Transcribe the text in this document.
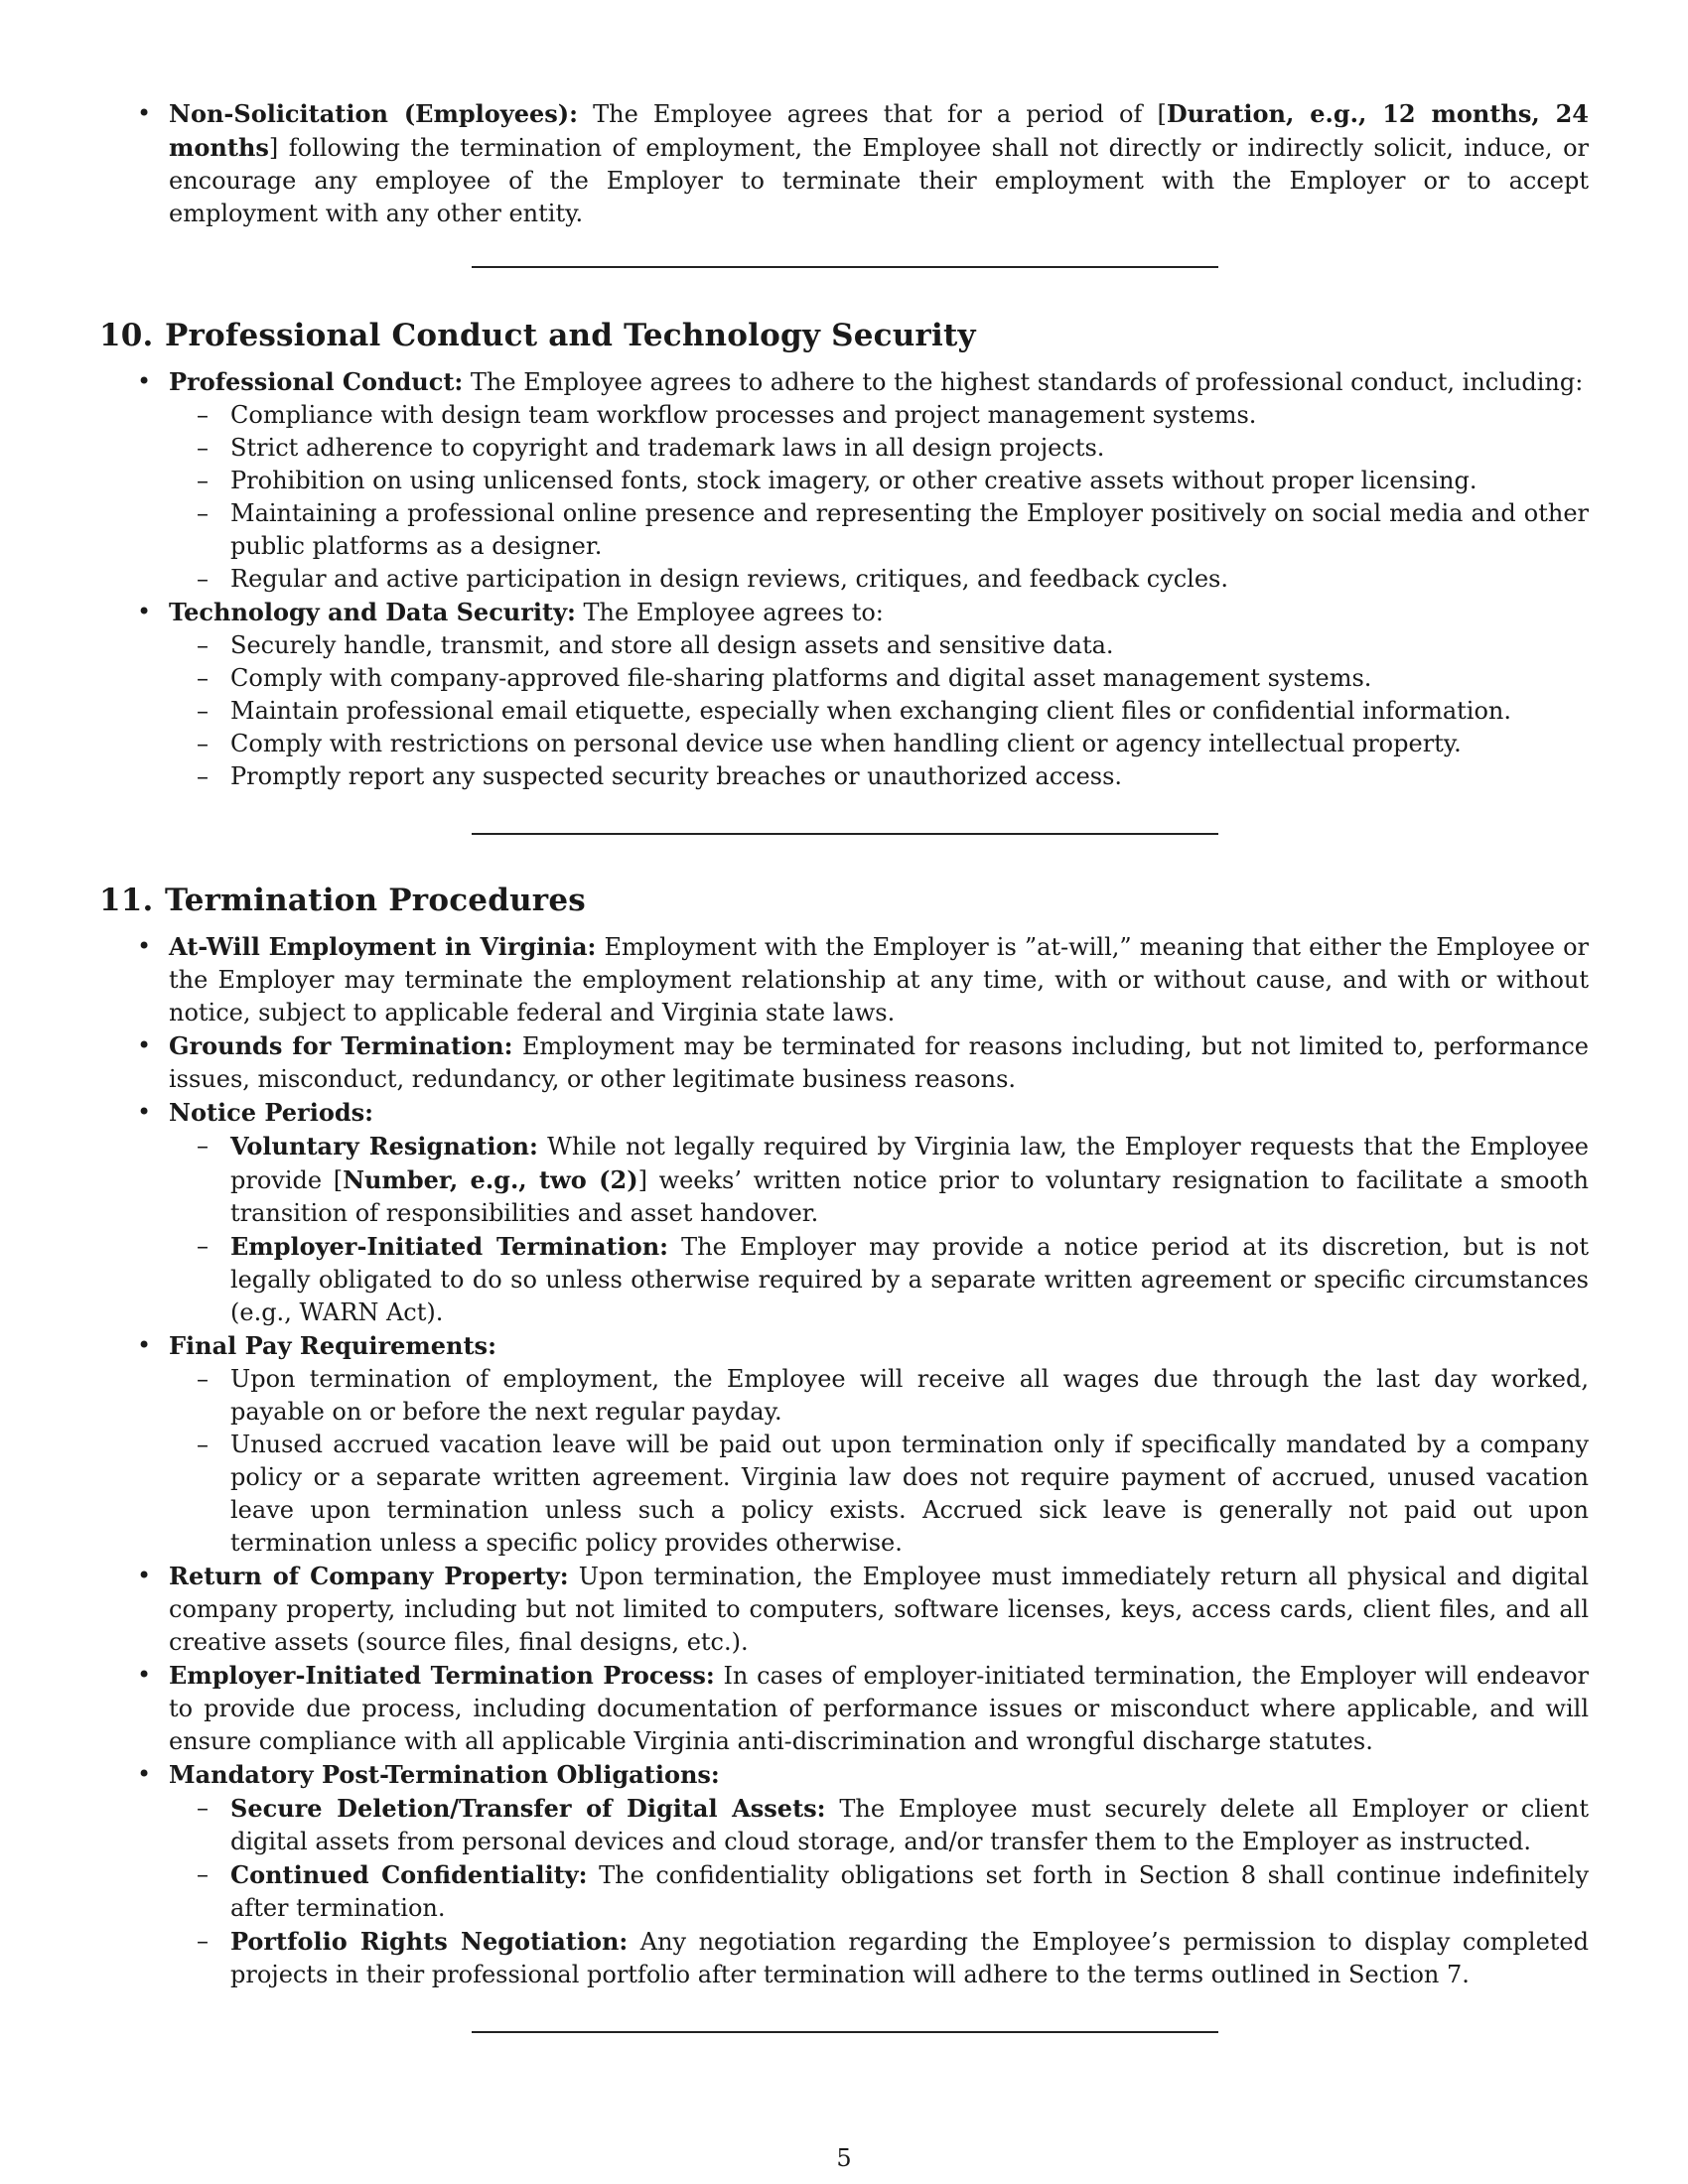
• Non-Solicitation (Employees): The Employee agrees that for a period of [Duration, e.g., 12 months, 24 months] following the termination of employment, the Employee shall not directly or indirectly solicit, induce, or encourage any employee of the Employer to terminate their employment with the Employer or to accept employment with any other entity.
10. Professional Conduct and Technology Security
• Professional Conduct: The Employee agrees to adhere to the highest standards of professional conduct, including:
– Compliance with design team workflow processes and project management systems.
– Strict adherence to copyright and trademark laws in all design projects.
– Prohibition on using unlicensed fonts, stock imagery, or other creative assets without proper licensing.
– Maintaining a professional online presence and representing the Employer positively on social media and other public platforms as a designer.
– Regular and active participation in design reviews, critiques, and feedback cycles.
• Technology and Data Security: The Employee agrees to:
– Securely handle, transmit, and store all design assets and sensitive data.
– Comply with company-approved file-sharing platforms and digital asset management systems.
– Maintain professional email etiquette, especially when exchanging client files or confidential information.
– Comply with restrictions on personal device use when handling client or agency intellectual property.
– Promptly report any suspected security breaches or unauthorized access.
11. Termination Procedures
• At-Will Employment in Virginia: Employment with the Employer is ”at-will,” meaning that either the Employee or the Employer may terminate the employment relationship at any time, with or without cause, and with or without notice, subject to applicable federal and Virginia state laws.
• Grounds for Termination: Employment may be terminated for reasons including, but not limited to, performance issues, misconduct, redundancy, or other legitimate business reasons.
• Notice Periods:
– Voluntary Resignation: While not legally required by Virginia law, the Employer requests that the Employee provide [Number, e.g., two (2)] weeks’ written notice prior to voluntary resignation to facilitate a smooth transition of responsibilities and asset handover.
– Employer-Initiated Termination: The Employer may provide a notice period at its discretion, but is not legally obligated to do so unless otherwise required by a separate written agreement or specific circumstances (e.g., WARN Act).
• Final Pay Requirements:
– Upon termination of employment, the Employee will receive all wages due through the last day worked, payable on or before the next regular payday.
– Unused accrued vacation leave will be paid out upon termination only if specifically mandated by a company policy or a separate written agreement. Virginia law does not require payment of accrued, unused vacation leave upon termination unless such a policy exists. Accrued sick leave is generally not paid out upon termination unless a specific policy provides otherwise.
• Return of Company Property: Upon termination, the Employee must immediately return all physical and digital company property, including but not limited to computers, software licenses, keys, access cards, client files, and all creative assets (source files, final designs, etc.).
• Employer-Initiated Termination Process: In cases of employer-initiated termination, the Employer will endeavor to provide due process, including documentation of performance issues or misconduct where applicable, and will ensure compliance with all applicable Virginia anti-discrimination and wrongful discharge statutes.
• Mandatory Post-Termination Obligations:
– Secure Deletion/Transfer of Digital Assets: The Employee must securely delete all Employer or client digital assets from personal devices and cloud storage, and/or transfer them to the Employer as instructed.
– Continued Confidentiality: The confidentiality obligations set forth in Section 8 shall continue indefinitely after termination.
– Portfolio Rights Negotiation: Any negotiation regarding the Employee’s permission to display completed projects in their professional portfolio after termination will adhere to the terms outlined in Section 7.
5
